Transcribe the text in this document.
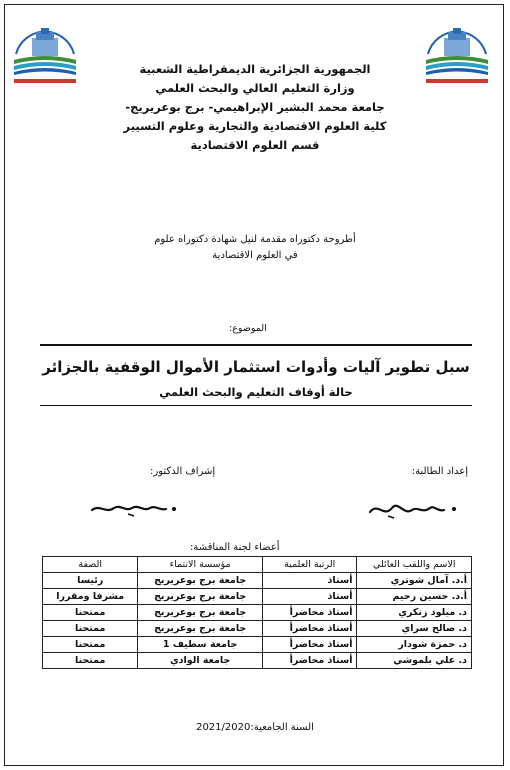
الجمهورية الجزائرية الديمقراطية الشعبية
وزارة التعليم العالي والبحث العلمي
جامعة محمد البشير الإبراهيمي- برج بوعريريج-
كلية العلوم الاقتصادية والتجارية وعلوم التسيير
قسم العلوم الاقتصادية
أطروحة دكتوراه مقدمة لنيل شهادة دكتوراه علوم
في العلوم الاقتصادية
الموضوع:
سبل تطوير آليات وأدوات استثمار الأموال الوقفية بالجزائر
حالة أوقاف التعليم والبحث العلمي
إعداد الطالبة:
إشراف الدكتور:
أعضاء لجنة المناقشة:
الاسم واللقب العائلي	الرتبة العلمية	مؤسسة الانتماء	الصفة
أ.د. آمال شوتري	أستاذ	جامعة برج بوعريريج	رئيسا
أ.د. حسين رحيم	أستاذ	جامعة برج بوعريريج	مشرفا ومقررا
د. ميلود زنكري	أستاذ محاضرأ	جامعة برج بوعريريج	ممتحنا
د. صالح سراي	أستاذ محاضرأ	جامعة برج بوعريريج	ممتحنا
د. حمزة شودار	أستاذ محاضرأ	جامعة سطيف 1	ممتحنا
د. علي بلموشي	أستاذ محاضرأ	جامعة الوادي	ممتحنا
السنة الجامعية:2021/2020
